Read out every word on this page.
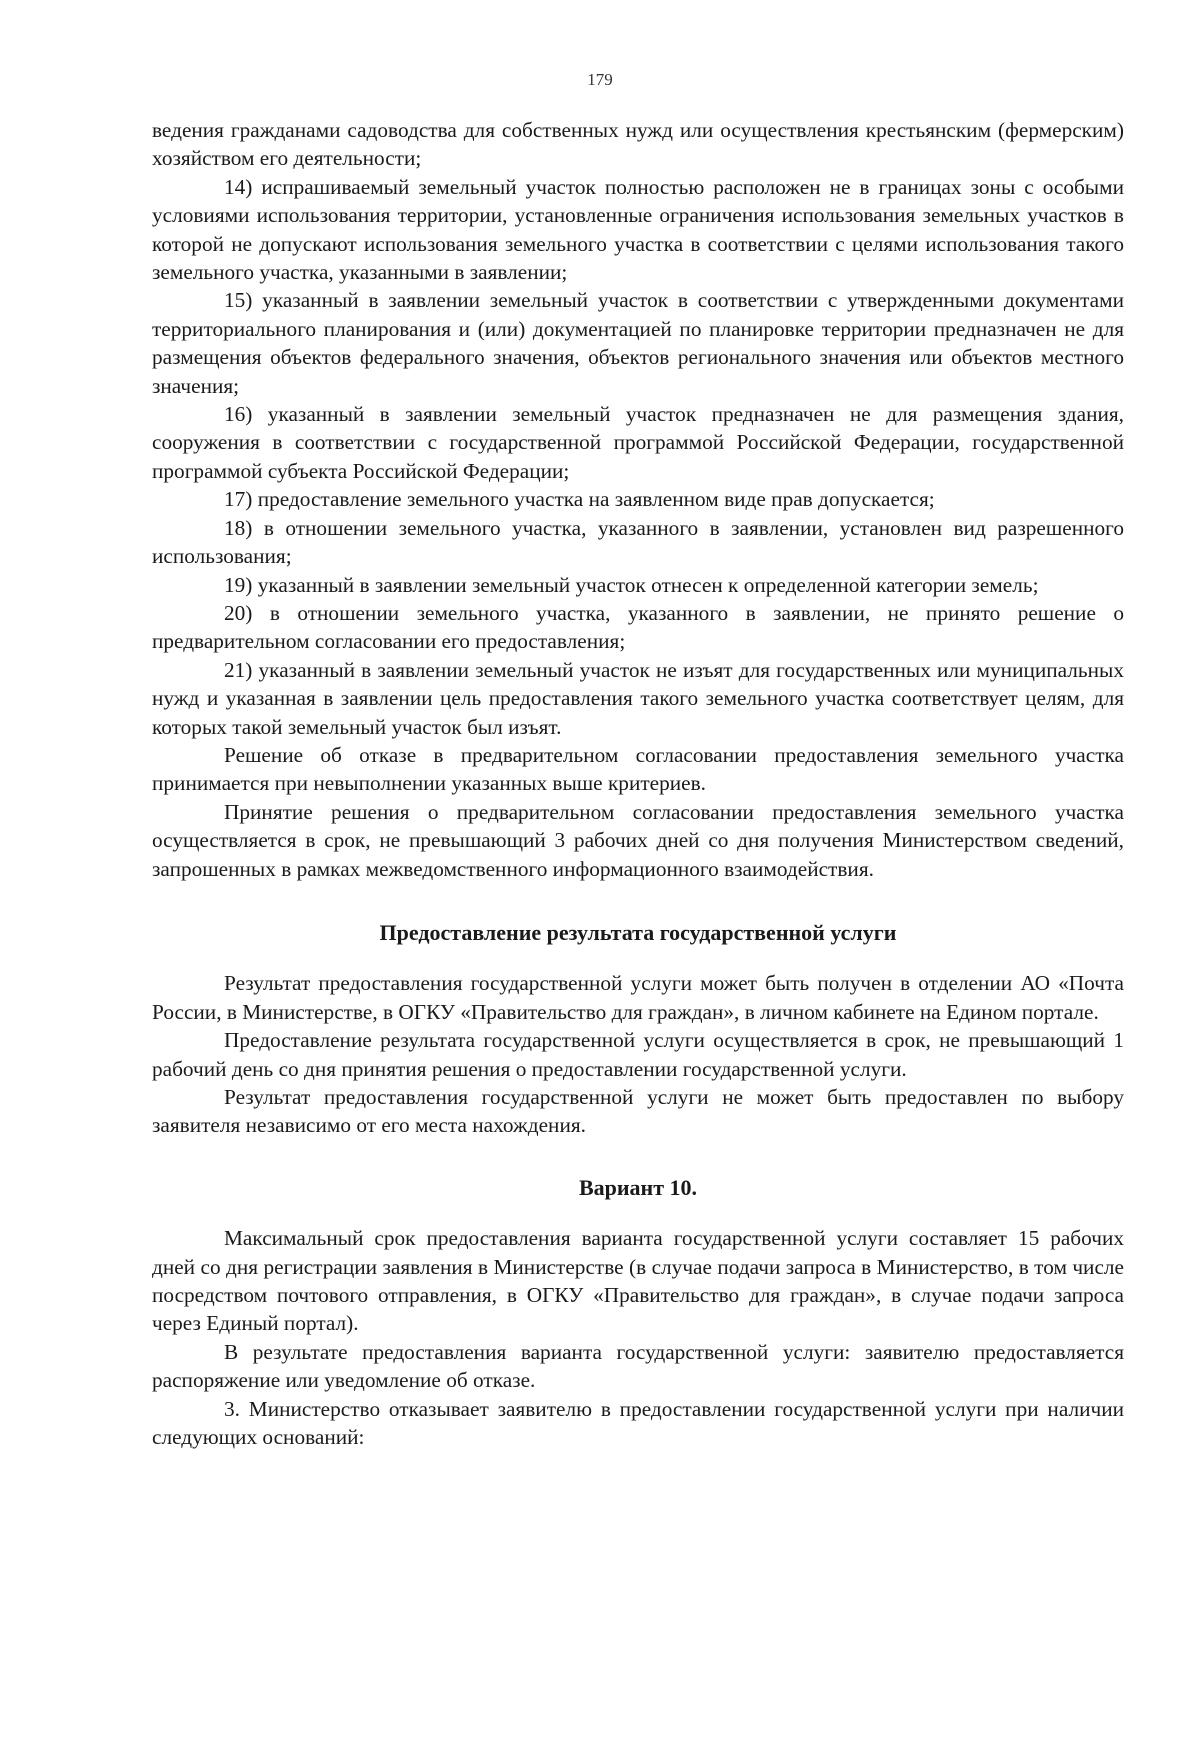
179

ведения гражданами садоводства для собственных нужд или осуществления крестьянским (фермерским) хозяйством его деятельности;

14) испрашиваемый земельный участок полностью расположен не в границах зоны с особыми условиями использования территории, установленные ограничения использования земельных участков в которой не допускают использования земельного участка в соответствии с целями использования такого земельного участка, указанными в заявлении;

15) указанный в заявлении земельный участок в соответствии с утвержденными документами территориального планирования и (или) документацией по планировке территории предназначен не для размещения объектов федерального значения, объектов регионального значения или объектов местного значения;

16) указанный в заявлении земельный участок предназначен не для размещения здания, сооружения в соответствии с государственной программой Российской Федерации, государственной программой субъекта Российской Федерации;

17) предоставление земельного участка на заявленном виде прав допускается;

18) в отношении земельного участка, указанного в заявлении, установлен вид разрешенного использования;

19) указанный в заявлении земельный участок отнесен к определенной категории земель;

20) в отношении земельного участка, указанного в заявлении, не принято решение о предварительном согласовании его предоставления;

21) указанный в заявлении земельный участок не изъят для государственных или муниципальных нужд и указанная в заявлении цель предоставления такого земельного участка соответствует целям, для которых такой земельный участок был изъят.

Решение об отказе в предварительном согласовании предоставления земельного участка принимается при невыполнении указанных выше критериев.

Принятие решения о предварительном согласовании предоставления земельного участка осуществляется в срок, не превышающий 3 рабочих дней со дня получения Министерством сведений, запрошенных в рамках межведомственного информационного взаимодействия.

Предоставление результата государственной услуги

Результат предоставления государственной услуги может быть получен в отделении АО «Почта России, в Министерстве, в ОГКУ «Правительство для граждан», в личном кабинете на Едином портале.

Предоставление результата государственной услуги осуществляется в срок, не превышающий 1 рабочий день со дня принятия решения о предоставлении государственной услуги.

Результат предоставления государственной услуги не может быть предоставлен по выбору заявителя независимо от его места нахождения.

Вариант 10.

Максимальный срок предоставления варианта государственной услуги составляет 15 рабочих дней со дня регистрации заявления в Министерстве (в случае подачи запроса в Министерство, в том числе посредством почтового отправления, в ОГКУ «Правительство для граждан», в случае подачи запроса через Единый портал).

В результате предоставления варианта государственной услуги: заявителю предоставляется распоряжение или уведомление об отказе.

3. Министерство отказывает заявителю в предоставлении государственной услуги при наличии следующих оснований:
